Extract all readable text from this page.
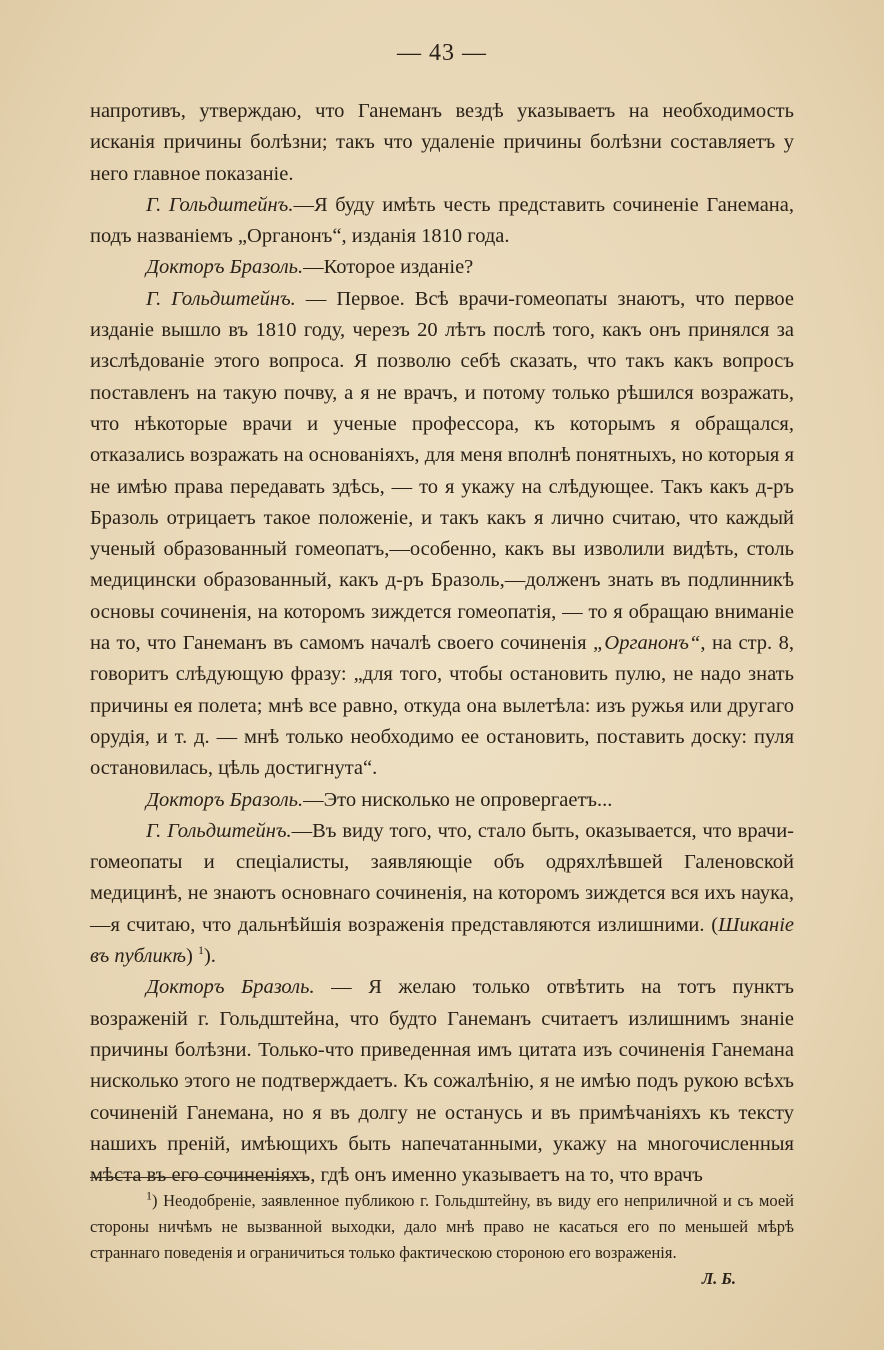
— 43 —

напротивъ, утверждаю, что Ганеманъ вездѣ указываетъ на необходимость исканія причины болѣзни; такъ что удаленіе причины болѣзни составляетъ у него главное показаніе.

Г. Гольдштейнъ.—Я буду имѣть честь представить сочиненіе Ганемана, подъ названіемъ „Органонъ“, изданія 1810 года.

Докторъ Бразоль.—Которое изданіе?

Г. Гольдштейнъ. — Первое. Всѣ врачи-гомеопаты знаютъ, что первое изданіе вышло въ 1810 году, черезъ 20 лѣтъ послѣ того, какъ онъ принялся за изслѣдованіе этого вопроса. Я позволю себѣ сказать, что такъ какъ вопросъ поставленъ на такую почву, а я не врачъ, и потому только рѣшился возражать, что нѣкоторые врачи и ученые профессора, къ которымъ я обращался, отказались возражать на основаніяхъ, для меня вполнѣ понятныхъ, но которыя я не имѣю права передавать здѣсь, — то я укажу на слѣдующее. Такъ какъ д-ръ Бразоль отрицаетъ такое положеніе, и такъ какъ я лично считаю, что каждый ученый образованный гомеопатъ,—особенно, какъ вы изволили видѣть, столь медицински образованный, какъ д-ръ Бразоль,—долженъ знать въ подлинникѣ основы сочиненія, на которомъ зиждется гомеопатія, — то я обращаю вниманіе на то, что Ганеманъ въ самомъ началѣ своего сочиненія „Органонъ“, на стр. 8, говоритъ слѣдующую фразу: „для того, чтобы остановить пулю, не надо знать причины ея полета; мнѣ все равно, откуда она вылетѣла: изъ ружья или другаго орудія, и т. д. — мнѣ только необходимо ее остановить, поставить доску: пуля остановилась, цѣль достигнута“.

Докторъ Бразоль.—Это нисколько не опровергаетъ...

Г. Гольдштейнъ.—Въ виду того, что, стало быть, оказывается, что врачи-гомеопаты и спеціалисты, заявляющіе объ одряхлѣвшей Галеновской медицинѣ, не знаютъ основнаго сочиненія, на которомъ зиждется вся ихъ наука,—я считаю, что дальнѣйшія возраженія представляются излишними. (Шиканіе въ публикѣ) $^1$).

Докторъ Бразоль. — Я желаю только отвѣтить на тотъ пунктъ возраженій г. Гольдштейна, что будто Ганеманъ считаетъ излишнимъ знаніе причины болѣзни. Только-что приведенная имъ цитата изъ сочиненія Ганемана нисколько этого не подтверждаетъ. Къ сожалѣнію, я не имѣю подъ рукою всѣхъ сочиненій Ганемана, но я въ долгу не останусь и въ примѣчаніяхъ къ тексту нашихъ преній, имѣющихъ быть напечатанными, укажу на многочисленныя мѣста въ его сочиненіяхъ, гдѣ онъ именно указываетъ на то, что врачъ

$^1$) Неодобреніе, заявленное публикою г. Гольдштейну, въ виду его неприличной и съ моей стороны ничѣмъ не вызванной выходки, дало мнѣ право не касаться его по меньшей мѣрѣ страннаго поведенія и ограничиться только фактическою стороною его возраженія.
Л. Б.
